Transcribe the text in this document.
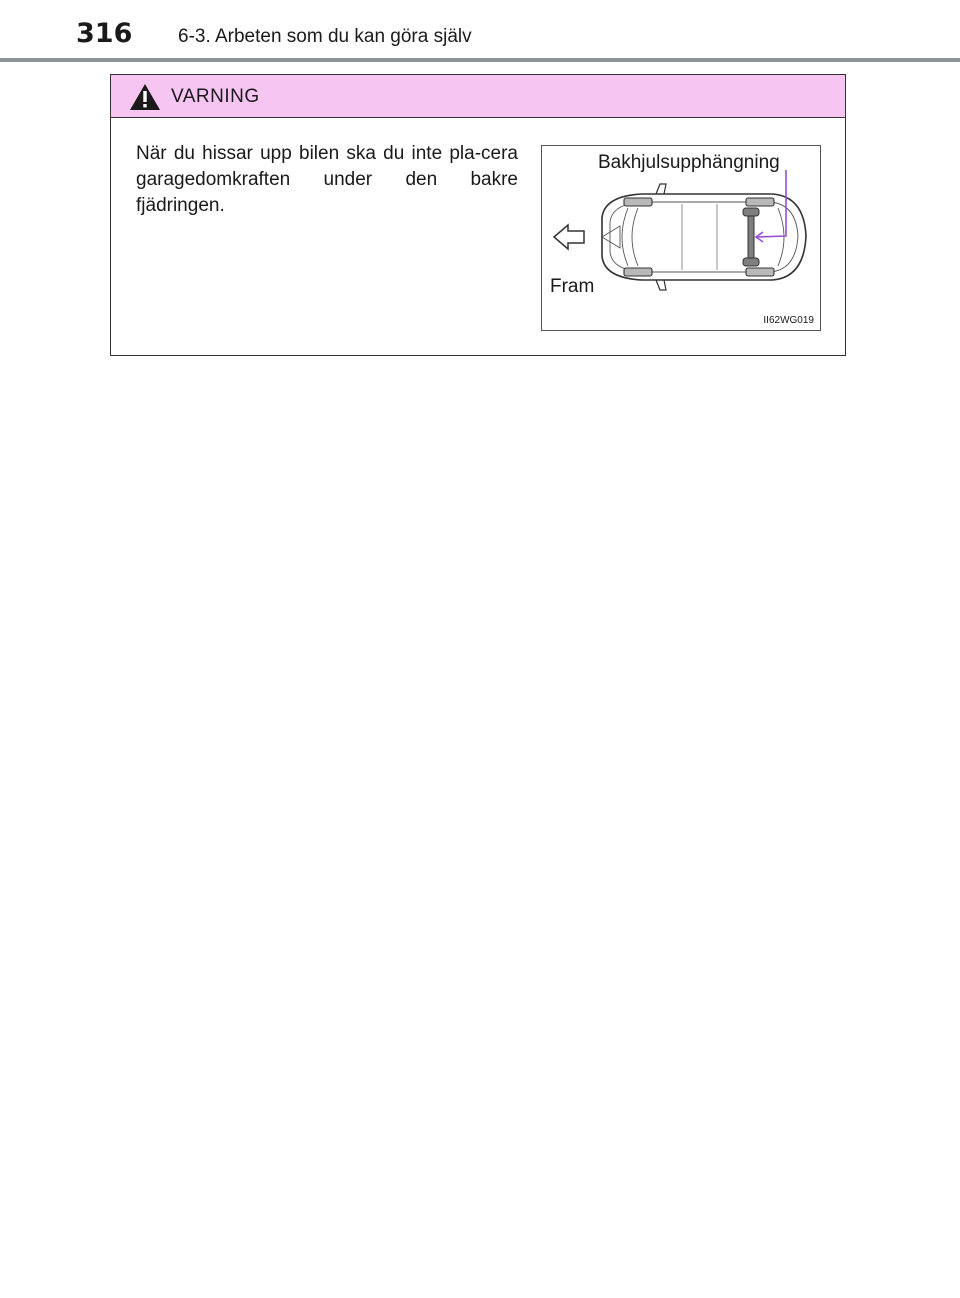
316 6-3. Arbeten som du kan göra själv
VARNING
När du hissar upp bilen ska du inte pla-cera garagedomkraften under den bakre fjädringen.
Bakhjulsupphängning
Fram
II62WG019
